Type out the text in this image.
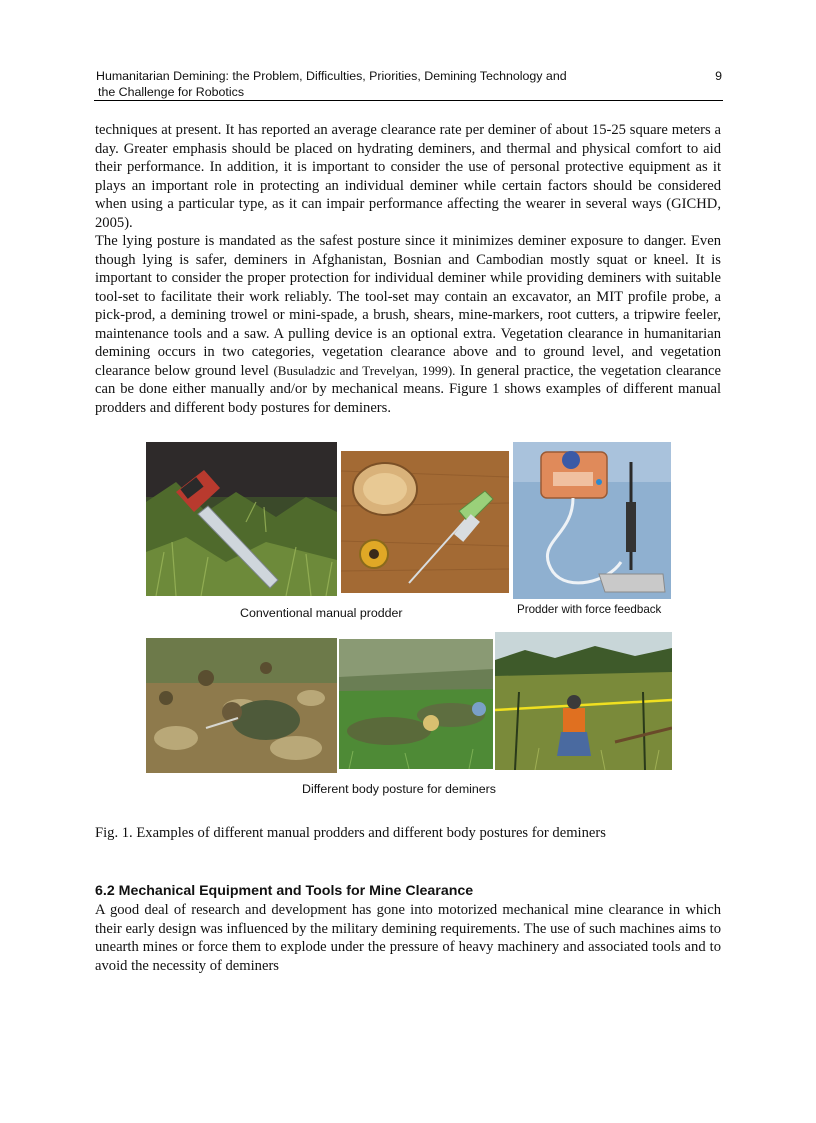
Humanitarian Demining: the Problem, Difficulties, Priorities, Demining Technology and
the Challenge for Robotics
9

techniques at present. It has reported an average clearance rate per deminer of about 15-25 square meters a day. Greater emphasis should be placed on hydrating deminers, and thermal and physical comfort to aid their performance. In addition, it is important to consider the use of personal protective equipment as it plays an important role in protecting an individual deminer while certain factors should be considered when using a particular type, as it can impair performance affecting the wearer in several ways (GICHD, 2005).

The lying posture is mandated as the safest posture since it minimizes deminer exposure to danger. Even though lying is safer, deminers in Afghanistan, Bosnian and Cambodian mostly squat or kneel. It is important to consider the proper protection for individual deminer while providing deminers with suitable tool-set to facilitate their work reliably. The tool-set may contain an excavator, an MIT profile probe, a pick-prod, a demining trowel or mini-spade, a brush, shears, mine-markers, root cutters, a tripwire feeler, maintenance tools and a saw. A pulling device is an optional extra. Vegetation clearance in humanitarian demining occurs in two categories, vegetation clearance above and to ground level, and vegetation clearance below ground level (Busuladzic and Trevelyan, 1999). In general practice, the vegetation clearance can be done either manually and/or by mechanical means. Figure 1 shows examples of different manual prodders and different body postures for deminers.

Conventional manual prodder	Prodder with force feedback
Different body posture for deminers
Fig. 1. Examples of different manual prodders and different body postures for deminers
6.2 Mechanical Equipment and Tools for Mine Clearance
A good deal of research and development has gone into motorized mechanical mine clearance in which their early design was influenced by the military demining requirements. The use of such machines aims to unearth mines or force them to explode under the pressure of heavy machinery and associated tools and to avoid the necessity of deminers
